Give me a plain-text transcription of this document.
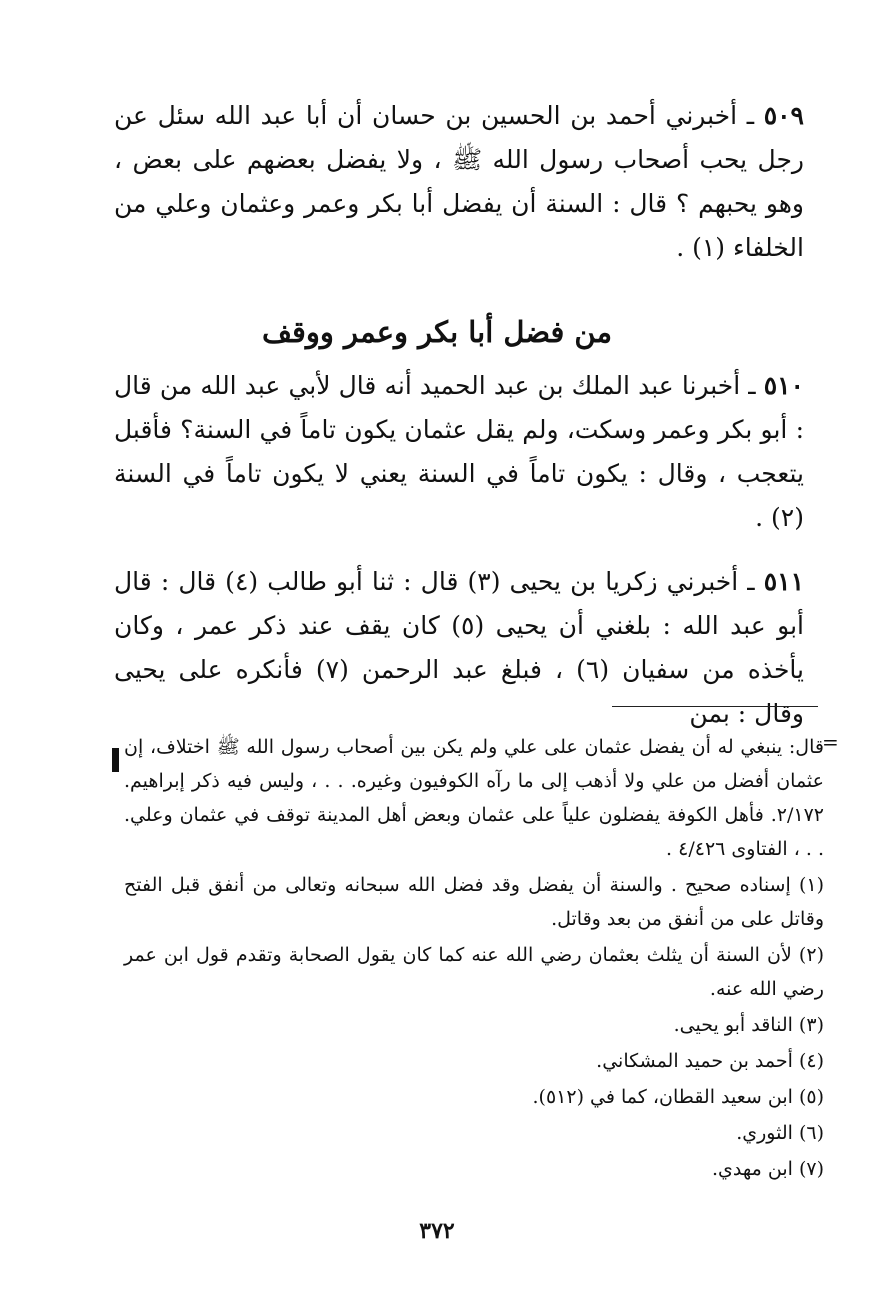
٥٠٩ ـ أخبرني أحمد بن الحسين بن حسان أن أبا عبد الله سئل عن رجل يحب أصحاب رسول الله ﷺ ، ولا يفضل بعضهم على بعض ، وهو يحبهم ؟ قال : السنة أن يفضل أبا بكر وعمر وعثمان وعلي من الخلفاء (١) .

من فضل أبا بكر وعمر ووقف

٥١٠ ـ أخبرنا عبد الملك بن عبد الحميد أنه قال لأبي عبد الله من قال : أبو بكر وعمر وسكت، ولم يقل عثمان يكون تاماً في السنة؟ فأقبل يتعجب ، وقال : يكون تاماً في السنة يعني لا يكون تاماً في السنة (٢) .

٥١١ ـ أخبرني زكريا بن يحيى (٣) قال : ثنا أبو طالب (٤) قال : قال أبو عبد الله : بلغني أن يحيى (٥) كان يقف عند ذكر عمر ، وكان يأخذه من سفيان (٦) ، فبلغ عبد الرحمن (٧) فأنكره على يحيى وقال : بمن

=

قال: ينبغي له أن يفضل عثمان على علي ولم يكن بين أصحاب رسول الله ﷺ اختلاف، إن عثمان أفضل من علي ولا أذهب إلى ما رآه الكوفيون وغيره. . . ، وليس فيه ذكر إبراهيم. ٢/١٧٢. فأهل الكوفة يفضلون علياً على عثمان وبعض أهل المدينة توقف في عثمان وعلي. . . ، الفتاوى ٤/٤٢٦ .

(١) إسناده صحيح . والسنة أن يفضل وقد فضل الله سبحانه وتعالى من أنفق قبل الفتح وقاتل على من أنفق من بعد وقاتل.

(٢) لأن السنة أن يثلث بعثمان رضي الله عنه كما كان يقول الصحابة وتقدم قول ابن عمر رضي الله عنه.

(٣) الناقد أبو يحيى.

(٤) أحمد بن حميد المشكاني.

(٥) ابن سعيد القطان، كما في (٥١٢).

(٦) الثوري.

(٧) ابن مهدي.

٣٧٢
